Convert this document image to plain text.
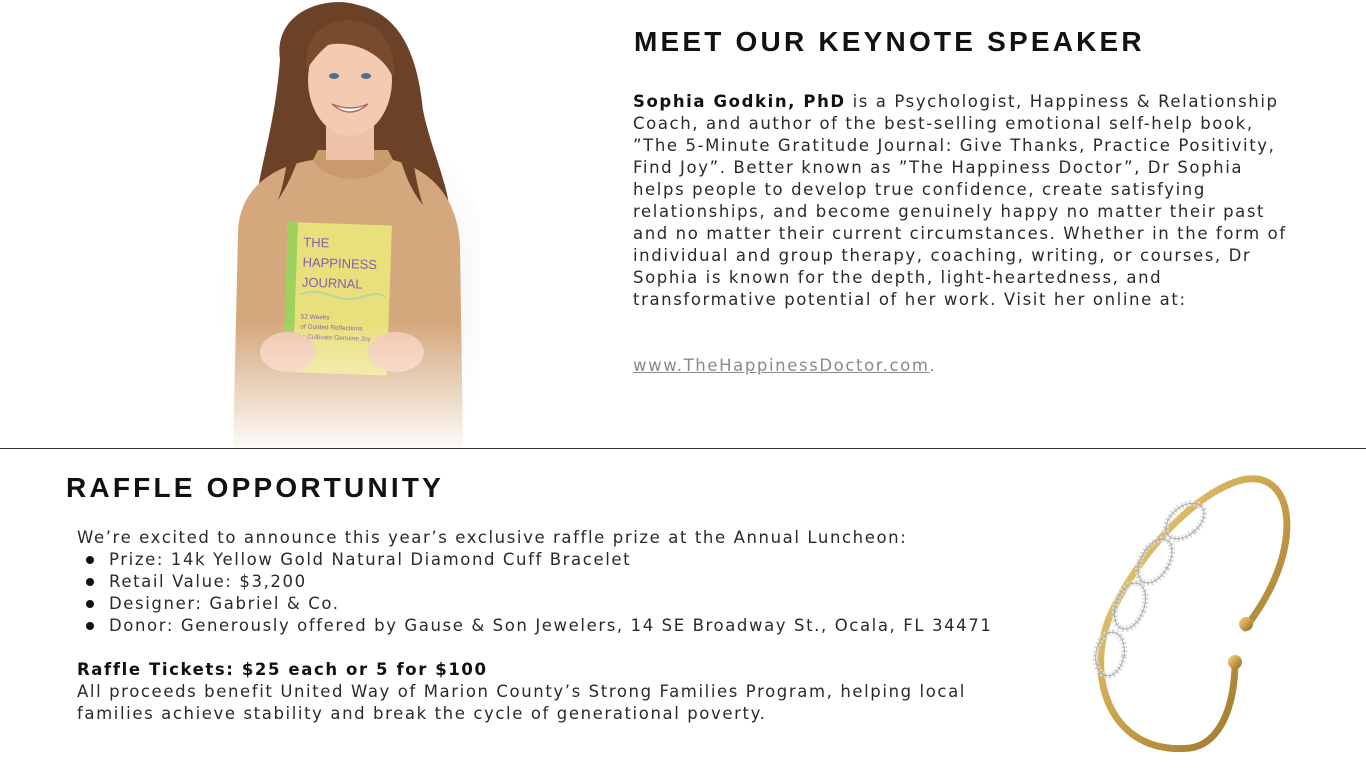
MEET OUR KEYNOTE SPEAKER

Sophia Godkin, PhD is a Psychologist, Happiness & Relationship Coach, and author of the best-selling emotional self-help book, ”The 5-Minute Gratitude Journal: Give Thanks, Practice Positivity, Find Joy”. Better known as ”The Happiness Doctor”, Dr Sophia helps people to develop true confidence, create satisfying relationships, and become genuinely happy no matter their past and no matter their current circumstances. Whether in the form of individual and group therapy, coaching, writing, or courses, Dr Sophia is known for the depth, light-heartedness, and transformative potential of her work. Visit her online at:

www.TheHappinessDoctor.com.

RAFFLE OPPORTUNITY

We’re excited to announce this year’s exclusive raffle prize at the Annual Luncheon:

Prize: 14k Yellow Gold Natural Diamond Cuff Bracelet
Retail Value: $3,200
Designer: Gabriel & Co.
Donor: Generously offered by Gause & Son Jewelers, 14 SE Broadway St., Ocala, FL 34471

Raffle Tickets: $25 each or 5 for $100

All proceeds benefit United Way of Marion County’s Strong Families Program, helping local families achieve stability and break the cycle of generational poverty.
